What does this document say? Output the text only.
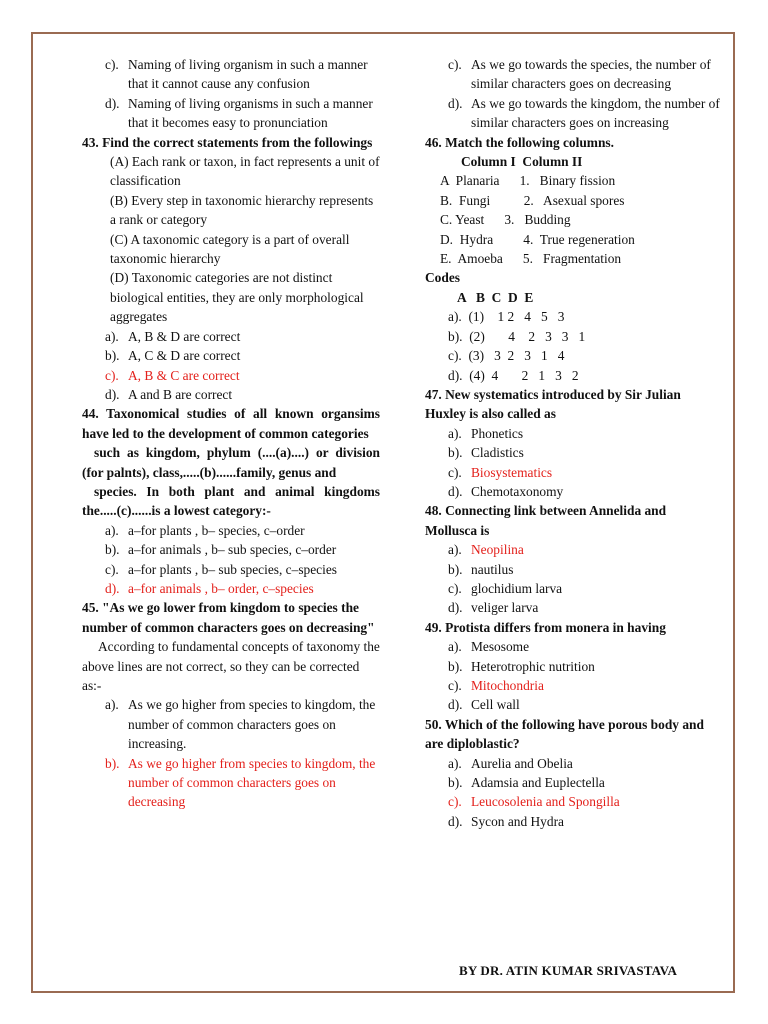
c). Naming of living organism in such a manner that it cannot cause any confusion
d). Naming of living organisms in such a manner that it becomes easy to pronunciation
43. Find the correct statements from the followings
(A) Each rank or taxon, in fact represents a unit of classification
(B) Every step in taxonomic hierarchy represents a rank or category
(C) A taxonomic category is a part of overall taxonomic hierarchy
(D) Taxonomic categories are not distinct biological entities, they are only morphological aggregates
a). A, B & D are correct
b). A, C & D are correct
c). A, B & C are correct
d). A and B are correct
44. Taxonomical studies of all known organsims have led to the development of common categories
such as kingdom, phylum (....(a)....) or division (for palnts), class,.....(b)......family, genus and
species. In both plant and animal kingdoms the.....(c)......is a lowest category:-
a). a–for plants , b– species, c–order
b). a–for animals , b– sub species, c–order
c). a–for plants , b– sub species, c–species
d). a–for animals , b– order, c–species
45. "As we go lower from kingdom to species the number of common characters goes on decreasing"
According to fundamental concepts of taxonomy the above lines are not correct, so they can be corrected as:-
a). As we go higher from species to kingdom, the number of common characters goes on increasing.
b). As we go higher from species to kingdom, the number of common characters goes on decreasing
c). As we go towards the species, the number of similar characters goes on decreasing
d). As we go towards the kingdom, the number of similar characters goes on increasing
46. Match the following columns.
Column I Column II
A  Planaria      1.   Binary fission
B.  Fungi          2.   Asexual spores
C. Yeast      3.   Budding
D.  Hydra         4.  True regeneration
E.  Amoeba      5.   Fragmentation
Codes
A   B  C  D  E
a).  (1)    1 2   4   5   3
b).  (2)       4    2   3   3   1
c).  (3)   3  2   3   1   4
d).  (4)  4       2   1   3   2
47. New systematics introduced by Sir Julian Huxley is also called as
a). Phonetics
b). Cladistics
c). Biosystematics
d). Chemotaxonomy
48. Connecting link between Annelida and Mollusca is
a). Neopilina
b). nautilus
c). glochidium larva
d). veliger larva
49. Protista differs from monera in having
a). Mesosome
b). Heterotrophic nutrition
c). Mitochondria
d). Cell wall
50. Which of the following have porous body and are diploblastic?
a). Aurelia and Obelia
b). Adamsia and Euplectella
c). Leucosolenia and Spongilla
d). Sycon and Hydra
BY DR. ATIN KUMAR SRIVASTAVA
